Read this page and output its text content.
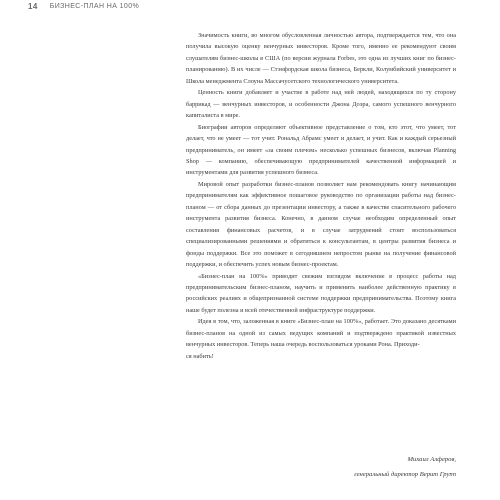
14 БИЗНЕС-ПЛАН НА 100%

Значимость книги, во многом обусловленная личностью автора, подтверждается тем, что она получила высокую оценку венчурных инвесторов. Кроме того, именно ее рекомендуют своим слушателям бизнес-школы в США (по версии журнала Forbes, это одна из лучших книг по бизнес-планированию). В их числе — Стэнфордская школа бизнеса, Беркли, Колумбийский университет и Школа менеджмента Слоуна Массачусетского технологического университета.

Ценность книги добавляет и участие в работе над ней людей, находящихся по ту сторону баррикад — венчурных инвесторов, и особенности Джона Доэра, самого успешного венчурного капиталиста в мире.

Биографии авторов определяют объективное представление о том, кто этот, что умеет, тот делает, что не умеет — тот учит. Рональд Абрамс умеет и делает, и учит. Как и каждый серьезный предприниматель, он имеет «за своим плечом» несколько успешных бизнесов, включая Planning Shop — компанию, обеспечивающую предпринимателей качественной информацией и инструментами для развития успешного бизнеса.

Мировой опыт разработки бизнес-планов позволяет нам рекомендовать книгу начинающим предпринимателям как эффективное пошаговое руководство по организации работы над бизнес-планом — от сбора данных до презентации инвестору, а также в качестве спасительного рабочего инструмента развития бизнеса. Конечно, в данном случае необходим определенный опыт составления финансовых расчетов, и в случае затруднений стоит воспользоваться специализированными решениями и обратиться к консультантам, в центры развития бизнеса и фонды поддержки. Все это поможет в сегодняшнем непростом рынке на получение финансовой поддержки, и обеспечить успех новым бизнес-проектам.

«Бизнес-план на 100%» приводит свежим взглядом включение в процесс работы над предпринимательским бизнес-планом, научить и применить наиболее действенную практику в российских реалиях и общепризнанной системе поддержки предпринимательства. Поэтому книга наше будет полезна и всей отечественной инфраструктуре поддержки.

Идея в том, что, заложенная в книге «Бизнес-план на 100%», работает. Это доказано десятками бизнес-планов на одной из самых ведущих компаний и подтверждено практикой известных венчурных инвесторов. Теперь наша очередь воспользоваться уроками Рона. Приходи-

ся набить!

Михаил Алферов,
генеральный директор Верит Групп
